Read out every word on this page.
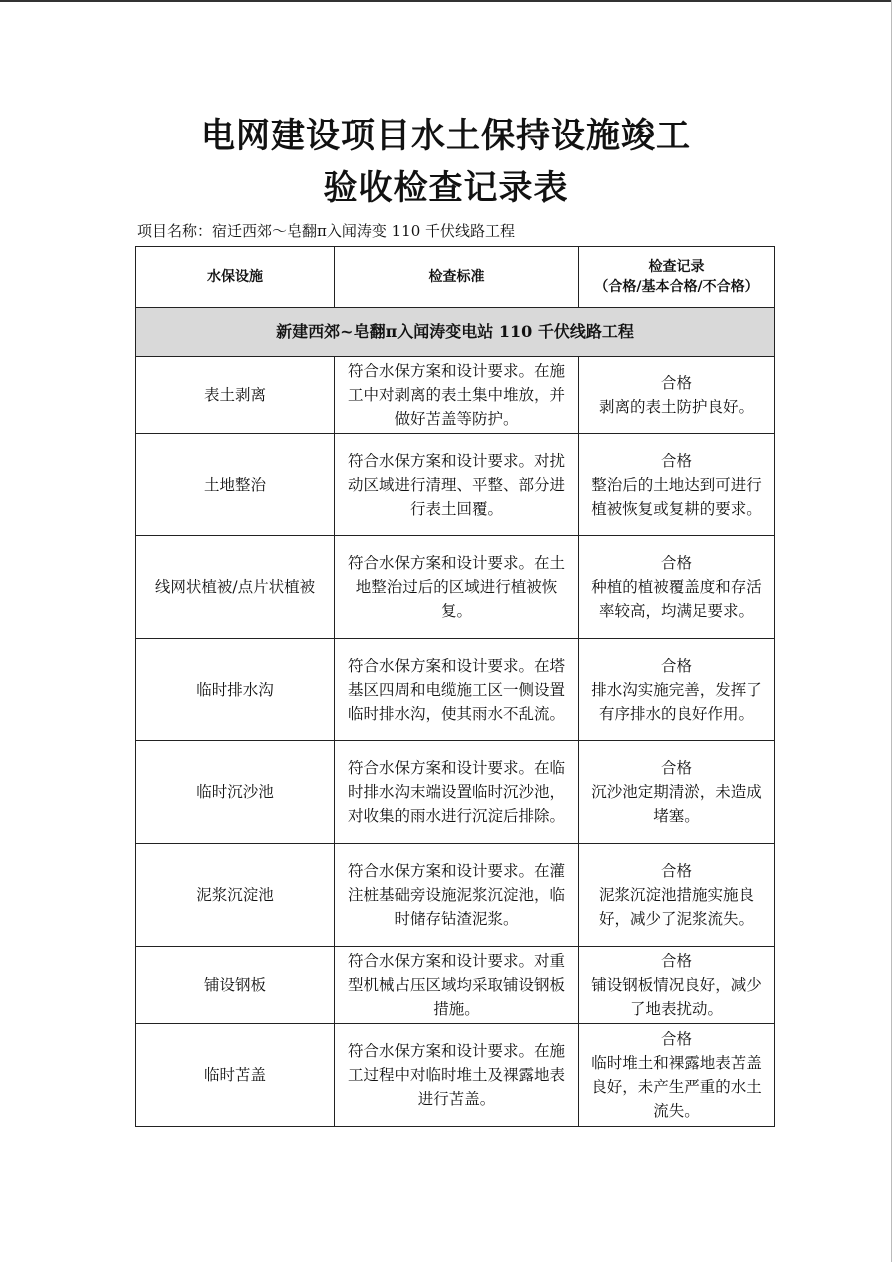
电网建设项目水土保持设施竣工
验收检查记录表
项目名称：宿迁西郊～皂翻π入闻涛变 110 千伏线路工程
水保设施	检查标准	检查记录
（合格/基本合格/不合格）
新建西郊~皂翻π入闻涛变电站 110 千伏线路工程		
表土剥离	符合水保方案和设计要求。在施工中对剥离的表土集中堆放，并做好苫盖等防护。	合格
剥离的表土防护良好。

土地整治	符合水保方案和设计要求。对扰动区域进行清理、平整、部分进行表土回覆。	合格
整治后的土地达到可进行植被恢复或复耕的要求。

线网状植被/点片状植被	符合水保方案和设计要求。在土地整治过后的区域进行植被恢复。	合格
种植的植被覆盖度和存活率较高，均满足要求。

临时排水沟	符合水保方案和设计要求。在塔基区四周和电缆施工区一侧设置临时排水沟，使其雨水不乱流。	合格
排水沟实施完善，发挥了有序排水的良好作用。

临时沉沙池	符合水保方案和设计要求。在临时排水沟末端设置临时沉沙池，对收集的雨水进行沉淀后排除。	合格
沉沙池定期清淤，未造成堵塞。

泥浆沉淀池	符合水保方案和设计要求。在灌注桩基础旁设施泥浆沉淀池，临时储存钻渣泥浆。	合格
泥浆沉淀池措施实施良好，减少了泥浆流失。

铺设钢板	符合水保方案和设计要求。对重型机械占压区域均采取铺设钢板措施。	合格
铺设钢板情况良好，减少了地表扰动。

临时苫盖	符合水保方案和设计要求。在施工过程中对临时堆土及裸露地表进行苫盖。	合格
临时堆土和裸露地表苫盖良好，未产生严重的水土流失。
